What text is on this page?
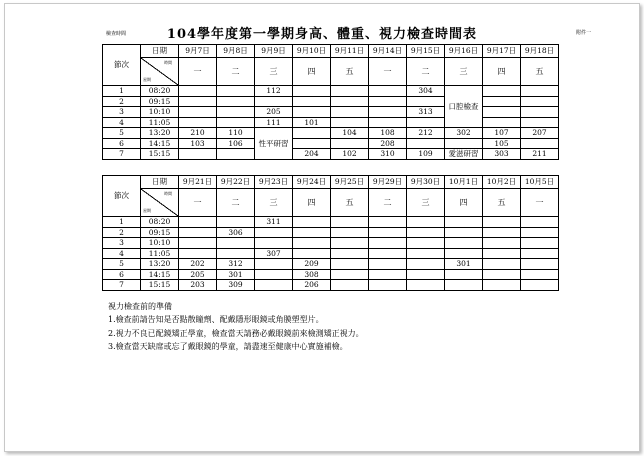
檢查時間	附件一
104學年度第一學期身高、體重、視力檢查時間表
節次	日期	9月7日	9月8日	9月9日	9月10日	9月11日	9月14日	9月15日	9月16日	9月17日	9月18日

	時間
星期	一	二	三	四	五	一	二	三	四	五
1	08:20			112				304	口腔檢查		
2	09:15										
3	10:10			205				313			
4	11:05			111	101						
5	13:20	210	110	性平研習		104	108	212	302	107	207
6	14:15	103	106				208			105	
7	15:15				204	102	310	109	愛滋研習	303	211
節次	日期	9月21日	9月22日	9月23日	9月24日	9月25日	9月29日	9月30日	10月1日	10月2日	10月5日

	時間
星期	一	二	三	四	五	二	三	四	五	一
1	08:20			311							
2	09:15		306								
3	10:10										
4	11:05			307							
5	13:20	202	312		209				301		
6	14:15	205	301		308						
7	15:15	203	309		206						
視力檢查前的準備
1.檢查前請告知是否點散瞳劑、配戴隱形眼鏡或角膜塑型片。
2.視力不良已配鏡矯正學童，檢查當天請務必戴眼鏡前來檢測矯正視力。
3.檢查當天缺席或忘了戴眼鏡的學童，請盡速至健康中心實施補檢。
